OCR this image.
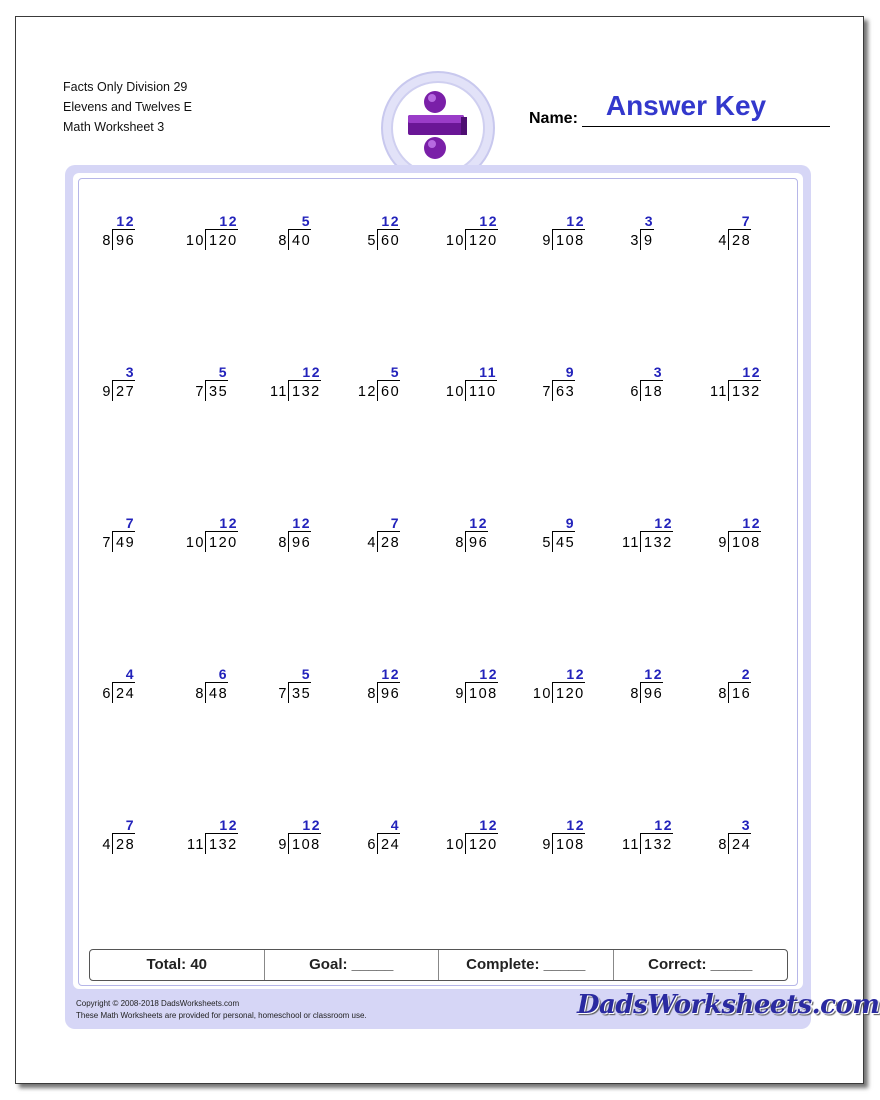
Facts Only Division 29
Elevens and Twelves E
Math Worksheet 3
Answer Key
Name:
8 96
12
10 120
12
8 40
5
5 60
12
10 120
12
9 108
12
3 9
3
4 28
7
9 27
3
7 35
5
11 132
12
12 60
5
10 110
11
7 63
9
6 18
3
11 132
12
7 49
7
10 120
12
8 96
12
4 28
7
8 96
12
5 45
9
11 132
12
9 108
12
6 24
4
8 48
6
7 35
5
8 96
12
9 108
12
10 120
12
8 96
12
8 16
2
4 28
7
11 132
12
9 108
12
6 24
4
10 120
12
9 108
12
11 132
12
8 24
3
Total: 40	Goal: _____	Complete: _____	Correct: _____
Copyright © 2008-2018 DadsWorksheets.com
These Math Worksheets are provided for personal, homeschool or classroom use.	DadsWorksheets.com
